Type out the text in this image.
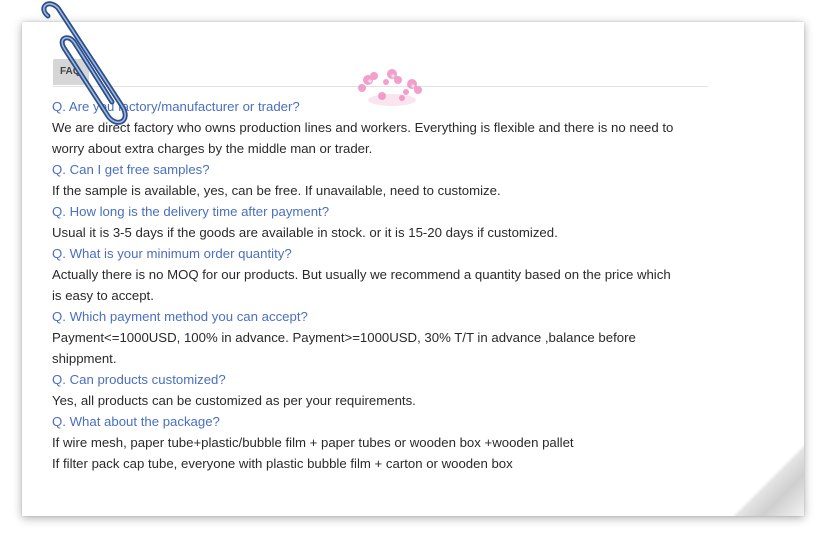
FAQ
Q. Are you factory/manufacturer or trader?
We are direct factory who owns production lines and workers. Everything is flexible and there is no need to
worry about extra charges by the middle man or trader.
Q. Can I get free samples?
If the sample is available, yes, can be free. If unavailable, need to customize.
Q. How long is the delivery time after payment?
Usual it is 3-5 days if the goods are available in stock. or it is 15-20 days if customized.
Q. What is your minimum order quantity?
Actually there is no MOQ for our products. But usually we recommend a quantity based on the price which
is easy to accept.
Q. Which payment method you can accept?
Payment<=1000USD, 100% in advance. Payment>=1000USD, 30% T/T in advance ,balance before
shippment.
Q. Can products customized?
Yes, all products can be customized as per your requirements.
Q. What about the package?
If wire mesh, paper tube+plastic/bubble film + paper tubes or wooden box +wooden pallet
If filter pack cap tube, everyone with plastic bubble film + carton or wooden box
